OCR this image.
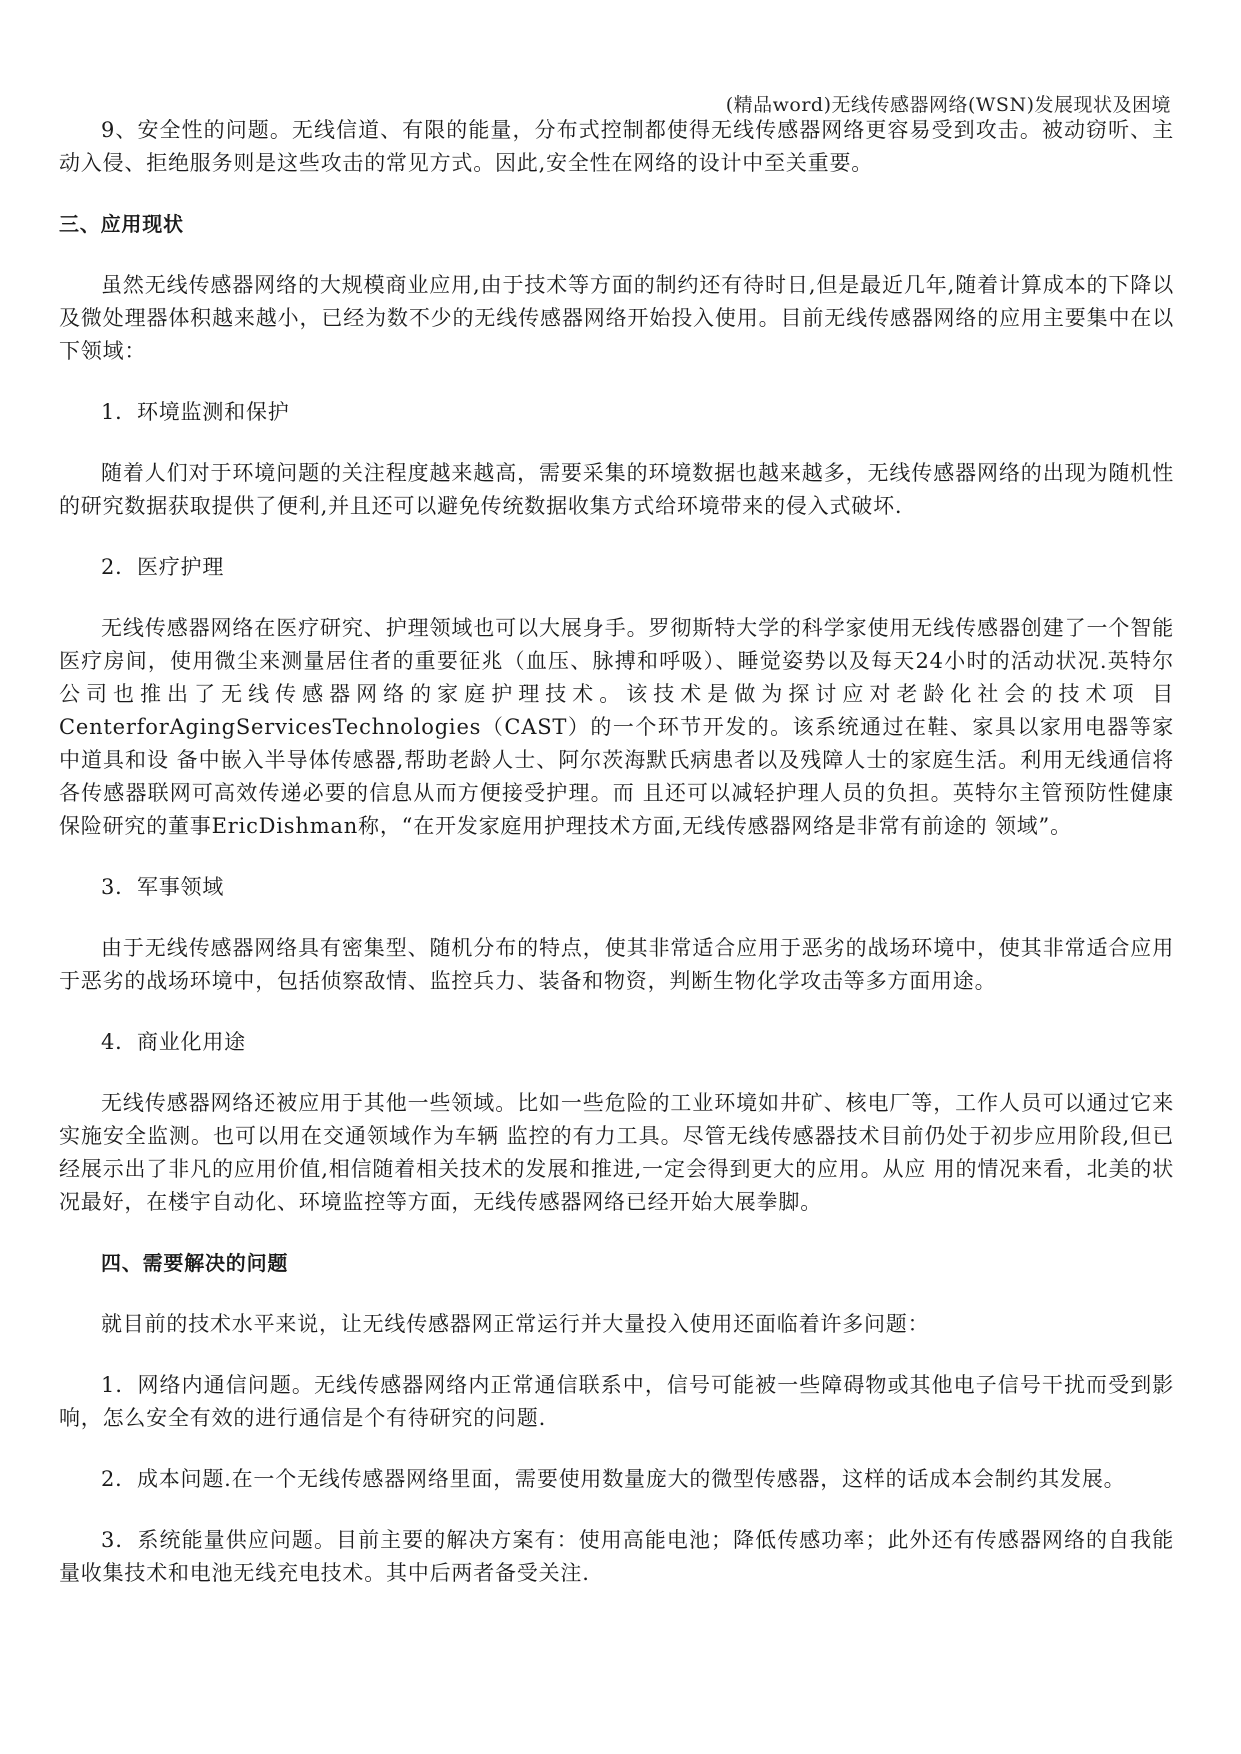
(精品word)无线传感器网络(WSN)发展现状及困境

9、安全性的问题。无线信道、有限的能量，分布式控制都使得无线传感器网络更容易受到攻击。被动窃听、主动入侵、拒绝服务则是这些攻击的常见方式。因此,安全性在网络的设计中至关重要。

三、应用现状

虽然无线传感器网络的大规模商业应用,由于技术等方面的制约还有待时日,但是最近几年,随着计算成本的下降以及微处理器体积越来越小，已经为数不少的无线传感器网络开始投入使用。目前无线传感器网络的应用主要集中在以下领域：

1．环境监测和保护

随着人们对于环境问题的关注程度越来越高，需要采集的环境数据也越来越多，无线传感器网络的出现为随机性的研究数据获取提供了便利,并且还可以避免传统数据收集方式给环境带来的侵入式破坏.

2．医疗护理

无线传感器网络在医疗研究、护理领域也可以大展身手。罗彻斯特大学的科学家使用无线传感器创建了一个智能医疗房间，使用微尘来测量居住者的重要征兆（血压、脉搏和呼吸）、睡觉姿势以及每天24小时的活动状况.英特尔公司也推出了无线传感器网络的家庭护理技术。该技术是做为探讨应对老龄化社会的技术项 目CenterforAgingServicesTechnologies（CAST）的一个环节开发的。该系统通过在鞋、家具以家用电器等家中道具和设 备中嵌入半导体传感器,帮助老龄人士、阿尔茨海默氏病患者以及残障人士的家庭生活。利用无线通信将各传感器联网可高效传递必要的信息从而方便接受护理。而 且还可以减轻护理人员的负担。英特尔主管预防性健康保险研究的董事EricDishman称，“在开发家庭用护理技术方面,无线传感器网络是非常有前途的 领域”。

3．军事领域

由于无线传感器网络具有密集型、随机分布的特点，使其非常适合应用于恶劣的战场环境中，使其非常适合应用于恶劣的战场环境中，包括侦察敌情、监控兵力、装备和物资，判断生物化学攻击等多方面用途。

4．商业化用途

无线传感器网络还被应用于其他一些领域。比如一些危险的工业环境如井矿、核电厂等，工作人员可以通过它来实施安全监测。也可以用在交通领域作为车辆 监控的有力工具。尽管无线传感器技术目前仍处于初步应用阶段,但已经展示出了非凡的应用价值,相信随着相关技术的发展和推进,一定会得到更大的应用。从应 用的情况来看，北美的状况最好，在楼宇自动化、环境监控等方面，无线传感器网络已经开始大展拳脚。

四、需要解决的问题

就目前的技术水平来说，让无线传感器网正常运行并大量投入使用还面临着许多问题：

1．网络内通信问题。无线传感器网络内正常通信联系中，信号可能被一些障碍物或其他电子信号干扰而受到影响，怎么安全有效的进行通信是个有待研究的问题.

2．成本问题.在一个无线传感器网络里面，需要使用数量庞大的微型传感器，这样的话成本会制约其发展。

3．系统能量供应问题。目前主要的解决方案有：使用高能电池；降低传感功率；此外还有传感器网络的自我能量收集技术和电池无线充电技术。其中后两者备受关注.
